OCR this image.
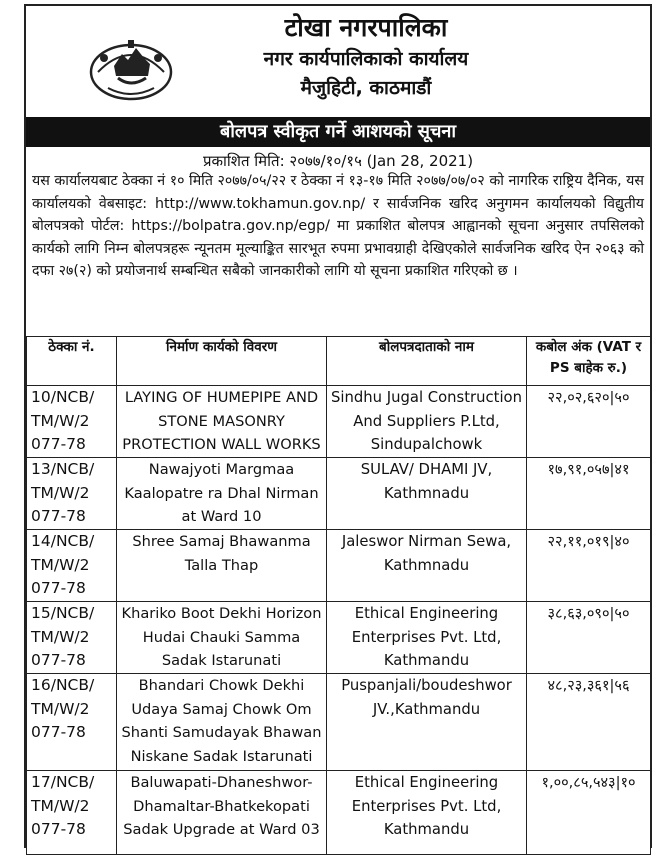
टोखा नगरपालिका
नगर कार्यपालिकाको कार्यालय
मैजुहिटी, काठमाडौं
बोलपत्र स्वीकृत गर्ने आशयको सूचना
प्रकाशित मिति: २०७७/१०/१५ (Jan 28, 2021)
यस कार्यालयबाट ठेक्का नं १० मिति २०७७/०५/२२ र ठेक्का नं १३-१७ मिति २०७७/०७/०२ को नागरिक राष्ट्रिय दैनिक, यस कार्यालयको वेबसाइट: http://www.tokhamun.gov.np/ र सार्वजनिक खरिद अनुगमन कार्यालयको विद्युतीय बोलपत्रको पोर्टल: https://bolpatra.gov.np/egp/ मा प्रकाशित बोलपत्र आह्वानको सूचना अनुसार तपसिलको कार्यको लागि निम्न बोलपत्रहरू न्यूनतम मूल्याङ्कित सारभूत रुपमा प्रभावग्राही देखिएकोले सार्वजनिक खरिद ऐन २०६३ को दफा २७(२) को प्रयोजनार्थ सम्बन्धित सबैको जानकारीको लागि यो सूचना प्रकाशित गरिएको छ ।
ठेक्का नं.	निर्माण कार्यको विवरण	बोलपत्रदाताको नाम	कबोल अंक (VAT र PS बाहेक रु.)
10/NCB/ TM/W/2 077-78	LAYING OF HUMEPIPE AND STONE MASONRY PROTECTION WALL WORKS	Sindhu Jugal Construction And Suppliers P.Ltd, Sindupalchowk	२२,०२,६२०|५०
13/NCB/ TM/W/2 077-78	Nawajyoti Margmaa Kaalopatre ra Dhal Nirman at Ward 10	SULAV/ DHAMI JV, Kathmnadu	१७,९१,०५७|४१
14/NCB/ TM/W/2 077-78	Shree Samaj Bhawanma Talla Thap	Jaleswor Nirman Sewa, Kathmnadu	२२,११,०१९|४०
15/NCB/ TM/W/2 077-78	Khariko Boot Dekhi Horizon Hudai Chauki Samma Sadak Istarunati	Ethical Engineering Enterprises Pvt. Ltd, Kathmandu	३८,६३,०९०|५०
16/NCB/ TM/W/2 077-78	Bhandari Chowk Dekhi Udaya Samaj Chowk Om Shanti Samudayak Bhawan Niskane Sadak Istarunati	Puspanjali/boudeshwor JV.,Kathmandu	४८,२३,३६१|५६
17/NCB/ TM/W/2 077-78	Baluwapati-Dhaneshwor-Dhamaltar-Bhatkekopati Sadak Upgrade at Ward 03	Ethical Engineering Enterprises Pvt. Ltd, Kathmandu	१,००,८५,५४३|१०
